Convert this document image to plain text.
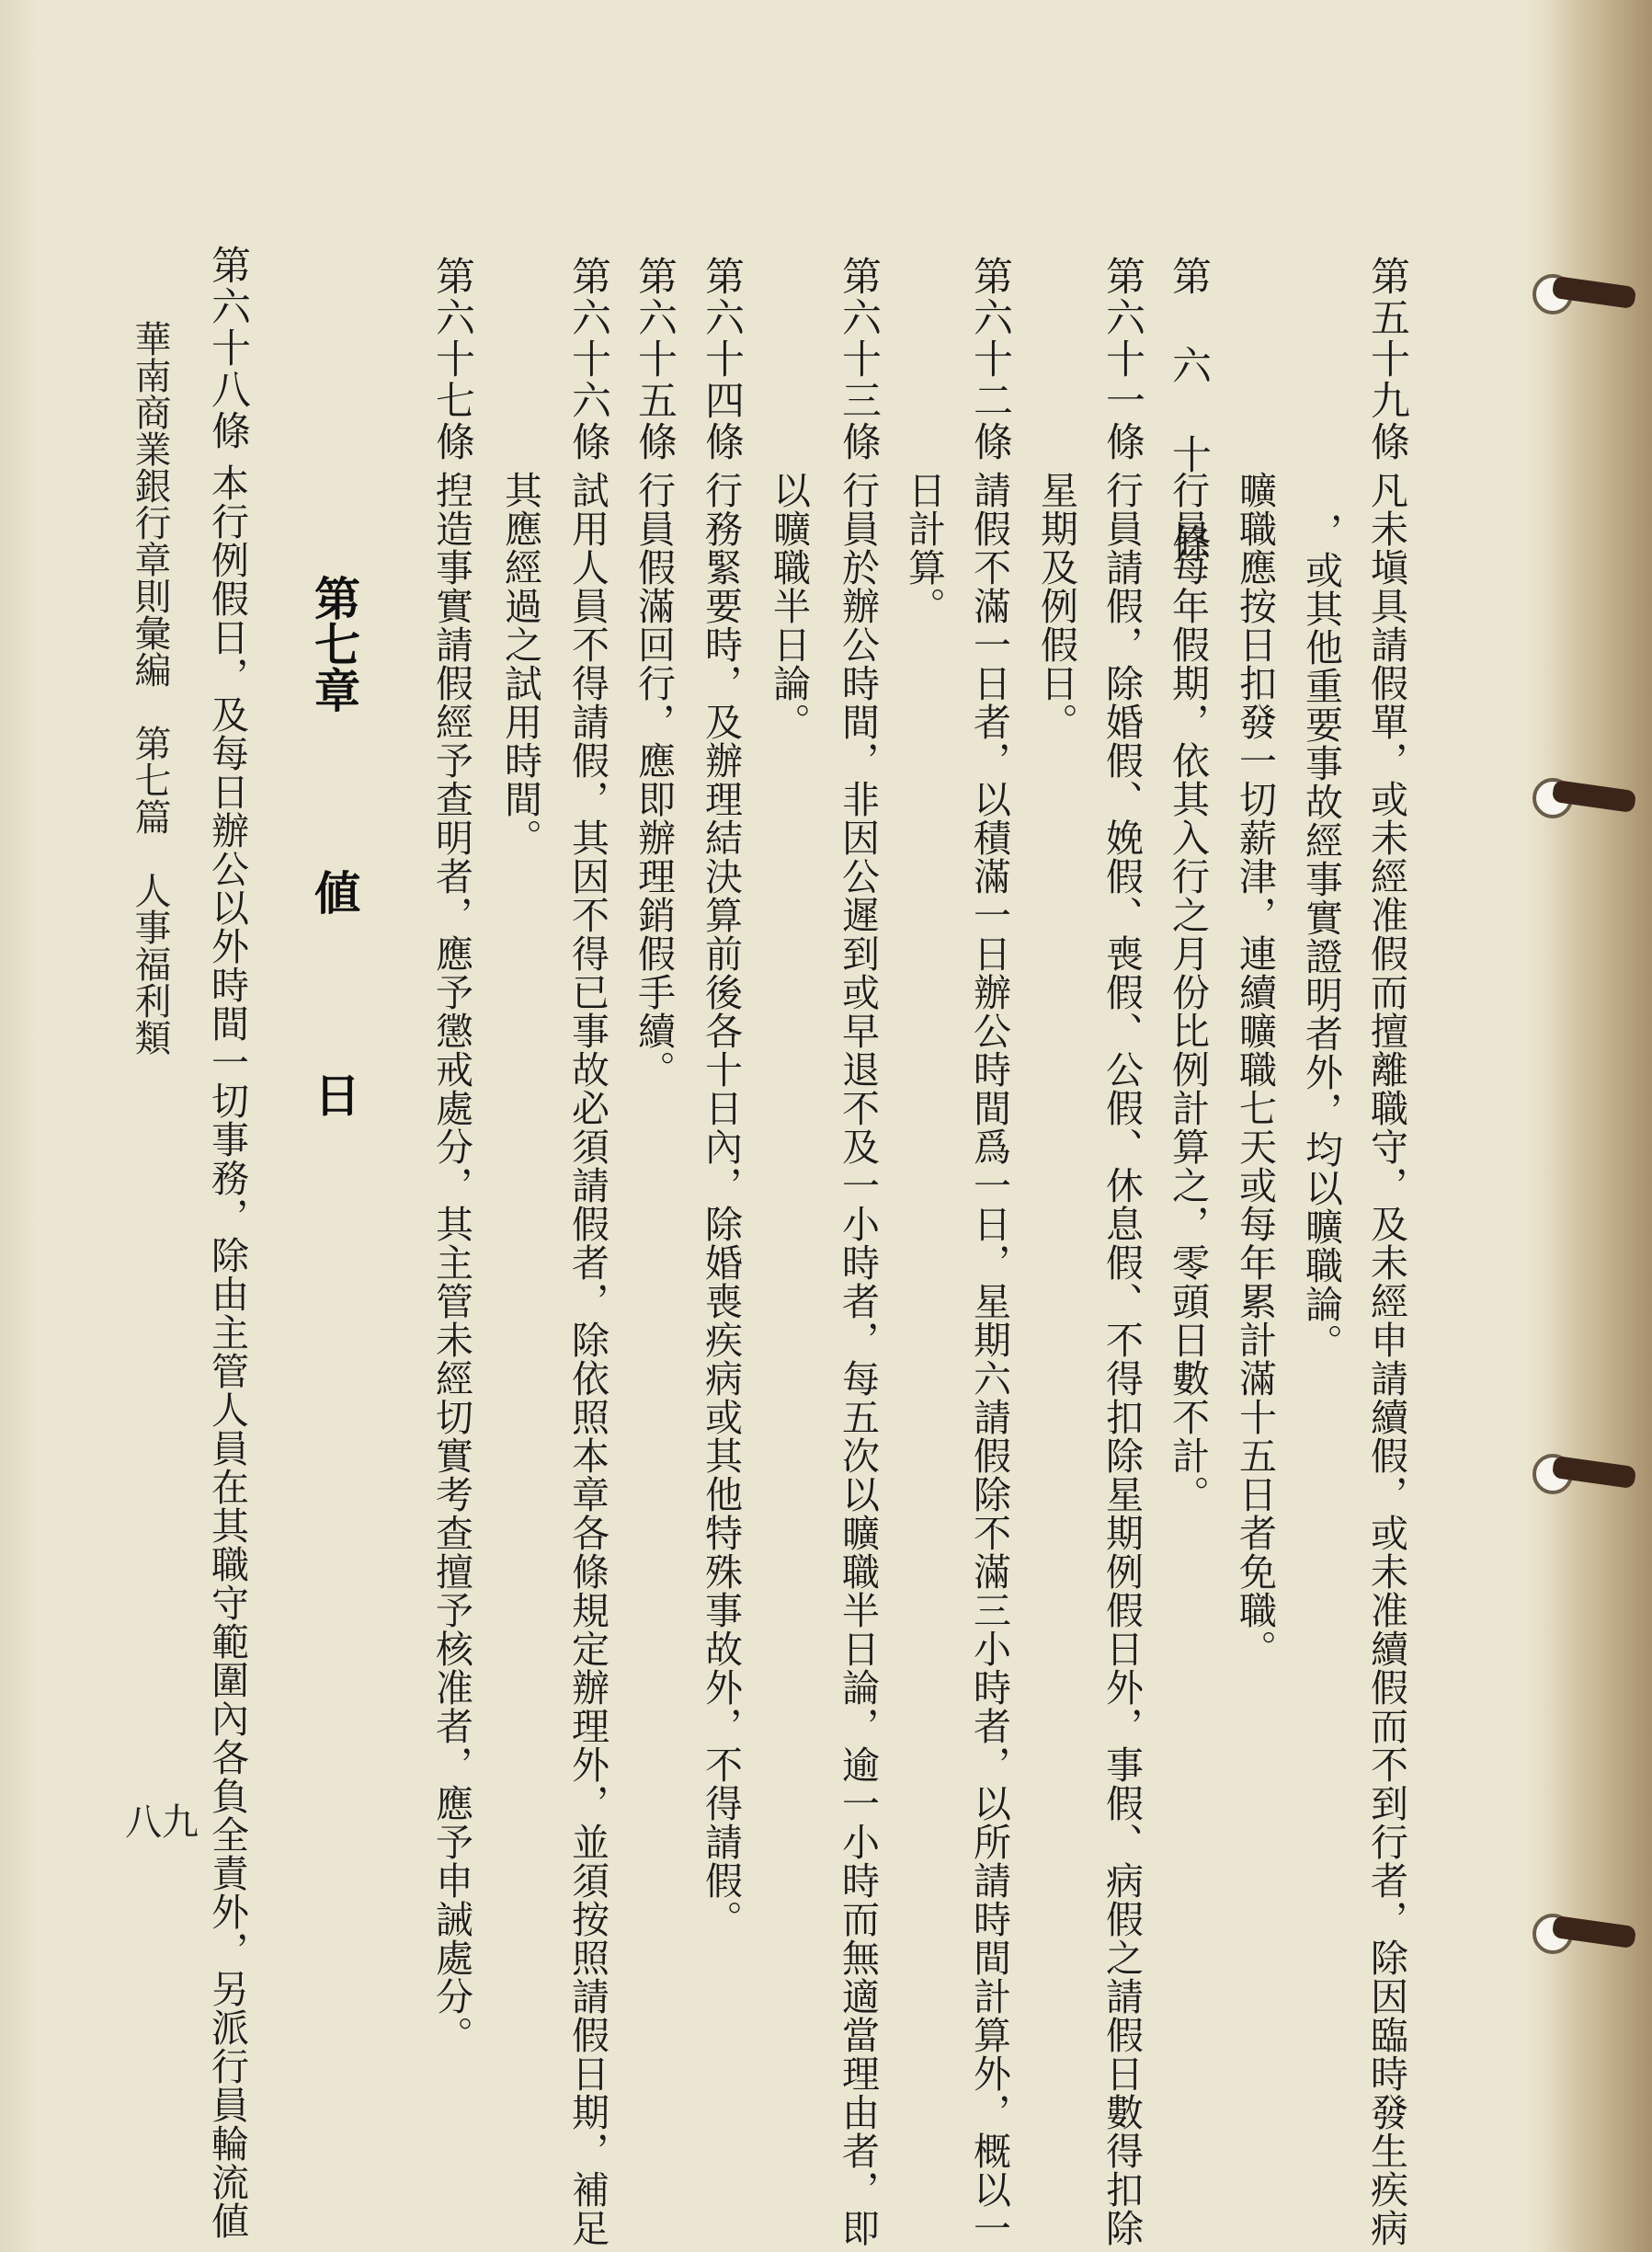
第五十九條
凡未塡具請假單，或未經准假而擅離職守，及未經申請續假，或未准續假而不到行者，除因臨時發生疾病
，或其他重要事故經事實證明者外，均以曠職論。
第 六 十 條
曠職應按日扣發一切薪津，連續曠職七天或每年累計滿十五日者免職。
第六十一條
行員每年假期，依其入行之月份比例計算之，零頭日數不計。
第六十二條
行員請假，除婚假、娩假、喪假、公假、休息假、不得扣除星期例假日外，事假、病假之請假日數得扣除
星期及例假日。
第六十三條
請假不滿一日者，以積滿一日辦公時間爲一日，星期六請假除不滿三小時者，以所請時間計算外，概以一
日計算。
第六十四條
行員於辦公時間，非因公遲到或早退不及一小時者，每五次以曠職半日論，逾一小時而無適當理由者，即
以曠職半日論。
第六十五條
行務緊要時，及辦理結決算前後各十日內，除婚喪疾病或其他特殊事故外，不得請假。
第六十六條
行員假滿回行，應即辦理銷假手續。
試用人員不得請假，其因不得已事故必須請假者，除依照本章各條規定辦理外，並須按照請假日期，補足
其應經過之試用時間。
第六十七條
揑造事實請假經予查明者，應予懲戒處分，其主管未經切實考查擅予核准者，應予申誡處分。
第七章値日
第六十八條
本行例假日，及每日辦公以外時間一切事務，除由主管人員在其職守範圍內各負全責外，另派行員輪流値
華南商業銀行章則彙編　第七篇　人事福利類
八九
